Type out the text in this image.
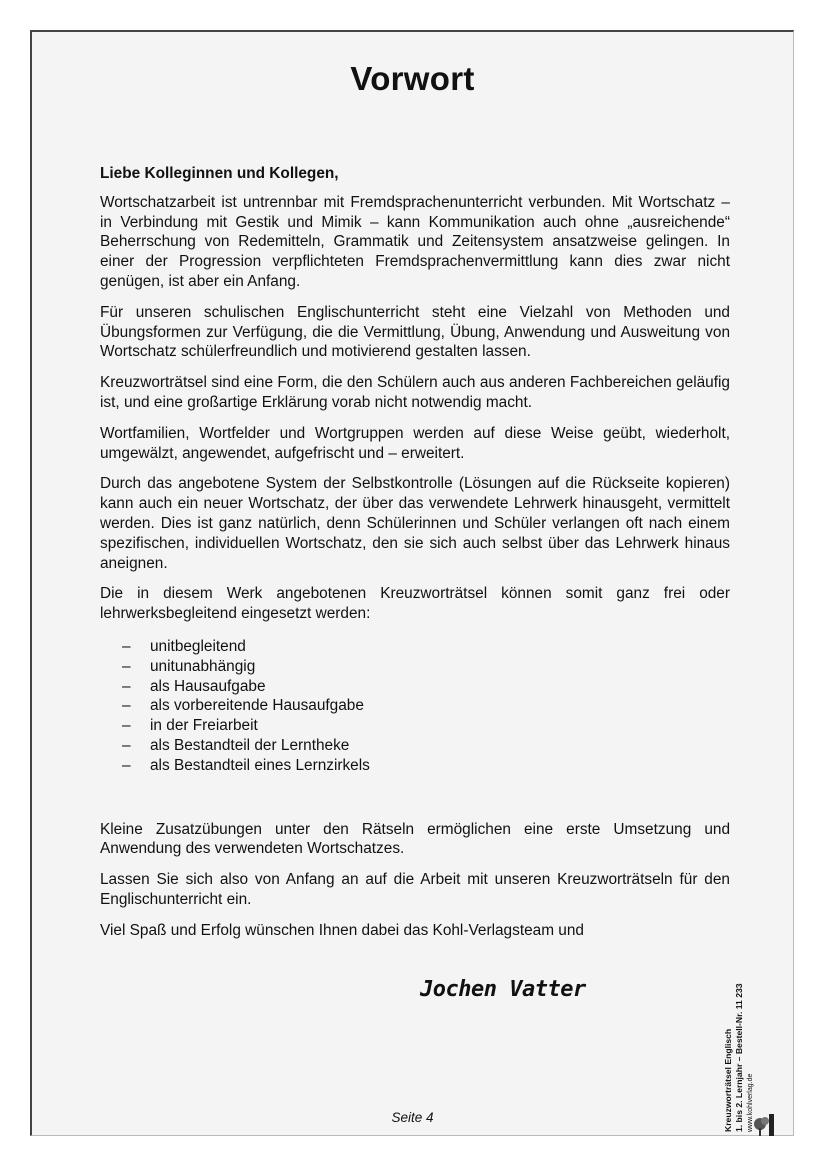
Vorwort

Liebe Kolleginnen und Kollegen,

Wortschatzarbeit ist untrennbar mit Fremdsprachenunterricht verbunden. Mit Wortschatz – in Verbindung mit Gestik und Mimik – kann Kommunikation auch ohne „ausreichende“ Beherrschung von Redemitteln, Grammatik und Zeitensystem ansatzweise gelingen. In einer der Progression verpflichteten Fremdsprachenvermittlung kann dies zwar nicht genügen, ist aber ein Anfang.

Für unseren schulischen Englischunterricht steht eine Vielzahl von Methoden und Übungsformen zur Verfügung, die die Vermittlung, Übung, Anwendung und Ausweitung von Wortschatz schülerfreundlich und motivierend gestalten lassen.

Kreuzworträtsel sind eine Form, die den Schülern auch aus anderen Fachbereichen geläufig ist, und eine großartige Erklärung vorab nicht notwendig macht.

Wortfamilien, Wortfelder und Wortgruppen werden auf diese Weise geübt, wiederholt, umgewälzt, angewendet, aufgefrischt und – erweitert.

Durch das angebotene System der Selbstkontrolle (Lösungen auf die Rückseite kopieren) kann auch ein neuer Wortschatz, der über das verwendete Lehrwerk hinausgeht, vermittelt werden. Dies ist ganz natürlich, denn Schülerinnen und Schüler verlangen oft nach einem spezifischen, individuellen Wortschatz, den sie sich auch selbst über das Lehrwerk hinaus aneignen.

Die in diesem Werk angebotenen Kreuzworträtsel können somit ganz frei oder lehrwerksbegleitend eingesetzt werden:

– unitbegleitend
– unitunabhängig
– als Hausaufgabe
– als vorbereitende Hausaufgabe
– in der Freiarbeit
– als Bestandteil der Lerntheke
– als Bestandteil eines Lernzirkels

Kleine Zusatzübungen unter den Rätseln ermöglichen eine erste Umsetzung und Anwendung des verwendeten Wortschatzes.

Lassen Sie sich also von Anfang an auf die Arbeit mit unseren Kreuzworträtseln für den Englischunterricht ein.

Viel Spaß und Erfolg wünschen Ihnen dabei das Kohl-Verlagsteam und

Jochen Vatter
Seite 4	Kreuzworträtsel Englisch 1. bis 2. Lernjahr – Bestell-Nr. 11 233 www.kohlverlag.de
